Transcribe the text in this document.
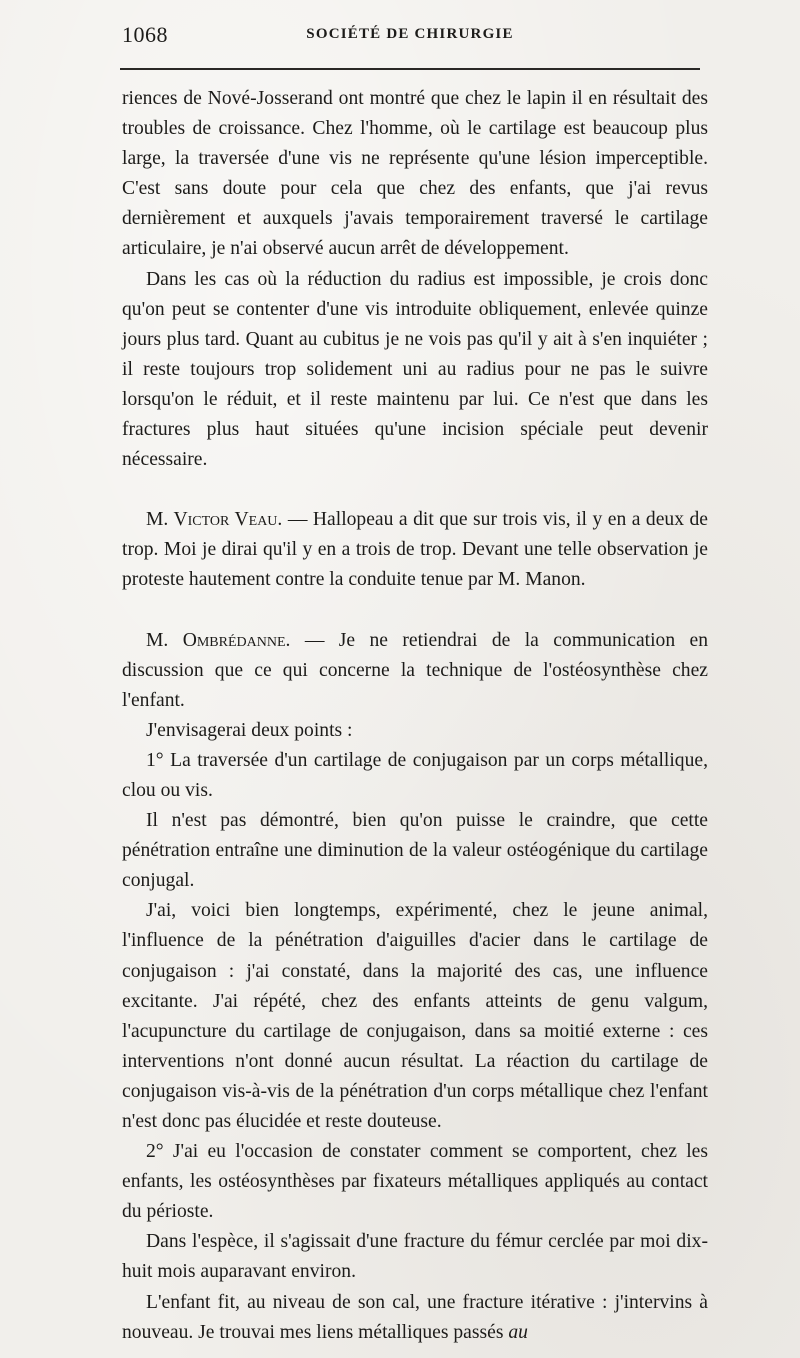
1068	SOCIÉTÉ DE CHIRURGIE

riences de Nové-Josserand ont montré que chez le lapin il en résultait des troubles de croissance. Chez l'homme, où le cartilage est beaucoup plus large, la traversée d'une vis ne représente qu'une lésion imperceptible. C'est sans doute pour cela que chez des enfants, que j'ai revus dernièrement et auxquels j'avais temporairement traversé le cartilage articulaire, je n'ai observé aucun arrêt de développement.

Dans les cas où la réduction du radius est impossible, je crois donc qu'on peut se contenter d'une vis introduite obliquement, enlevée quinze jours plus tard. Quant au cubitus je ne vois pas qu'il y ait à s'en inquiéter ; il reste toujours trop solidement uni au radius pour ne pas le suivre lorsqu'on le réduit, et il reste maintenu par lui. Ce n'est que dans les fractures plus haut situées qu'une incision spéciale peut devenir nécessaire.

M. Victor Veau. — Hallopeau a dit que sur trois vis, il y en a deux de trop. Moi je dirai qu'il y en a trois de trop. Devant une telle observation je proteste hautement contre la conduite tenue par M. Manon.

M. Ombrédanne. — Je ne retiendrai de la communication en discussion que ce qui concerne la technique de l'ostéosynthèse chez l'enfant.

J'envisagerai deux points :

1° La traversée d'un cartilage de conjugaison par un corps métallique, clou ou vis.

Il n'est pas démontré, bien qu'on puisse le craindre, que cette pénétration entraîne une diminution de la valeur ostéogénique du cartilage conjugal.

J'ai, voici bien longtemps, expérimenté, chez le jeune animal, l'influence de la pénétration d'aiguilles d'acier dans le cartilage de conjugaison : j'ai constaté, dans la majorité des cas, une influence excitante. J'ai répété, chez des enfants atteints de genu valgum, l'acupuncture du cartilage de conjugaison, dans sa moitié externe : ces interventions n'ont donné aucun résultat. La réaction du cartilage de conjugaison vis-à-vis de la pénétration d'un corps métallique chez l'enfant n'est donc pas élucidée et reste douteuse.

2° J'ai eu l'occasion de constater comment se comportent, chez les enfants, les ostéosynthèses par fixateurs métalliques appliqués au contact du périoste.

Dans l'espèce, il s'agissait d'une fracture du fémur cerclée par moi dix-huit mois auparavant environ.

L'enfant fit, au niveau de son cal, une fracture itérative : j'intervins à nouveau. Je trouvai mes liens métalliques passés au
